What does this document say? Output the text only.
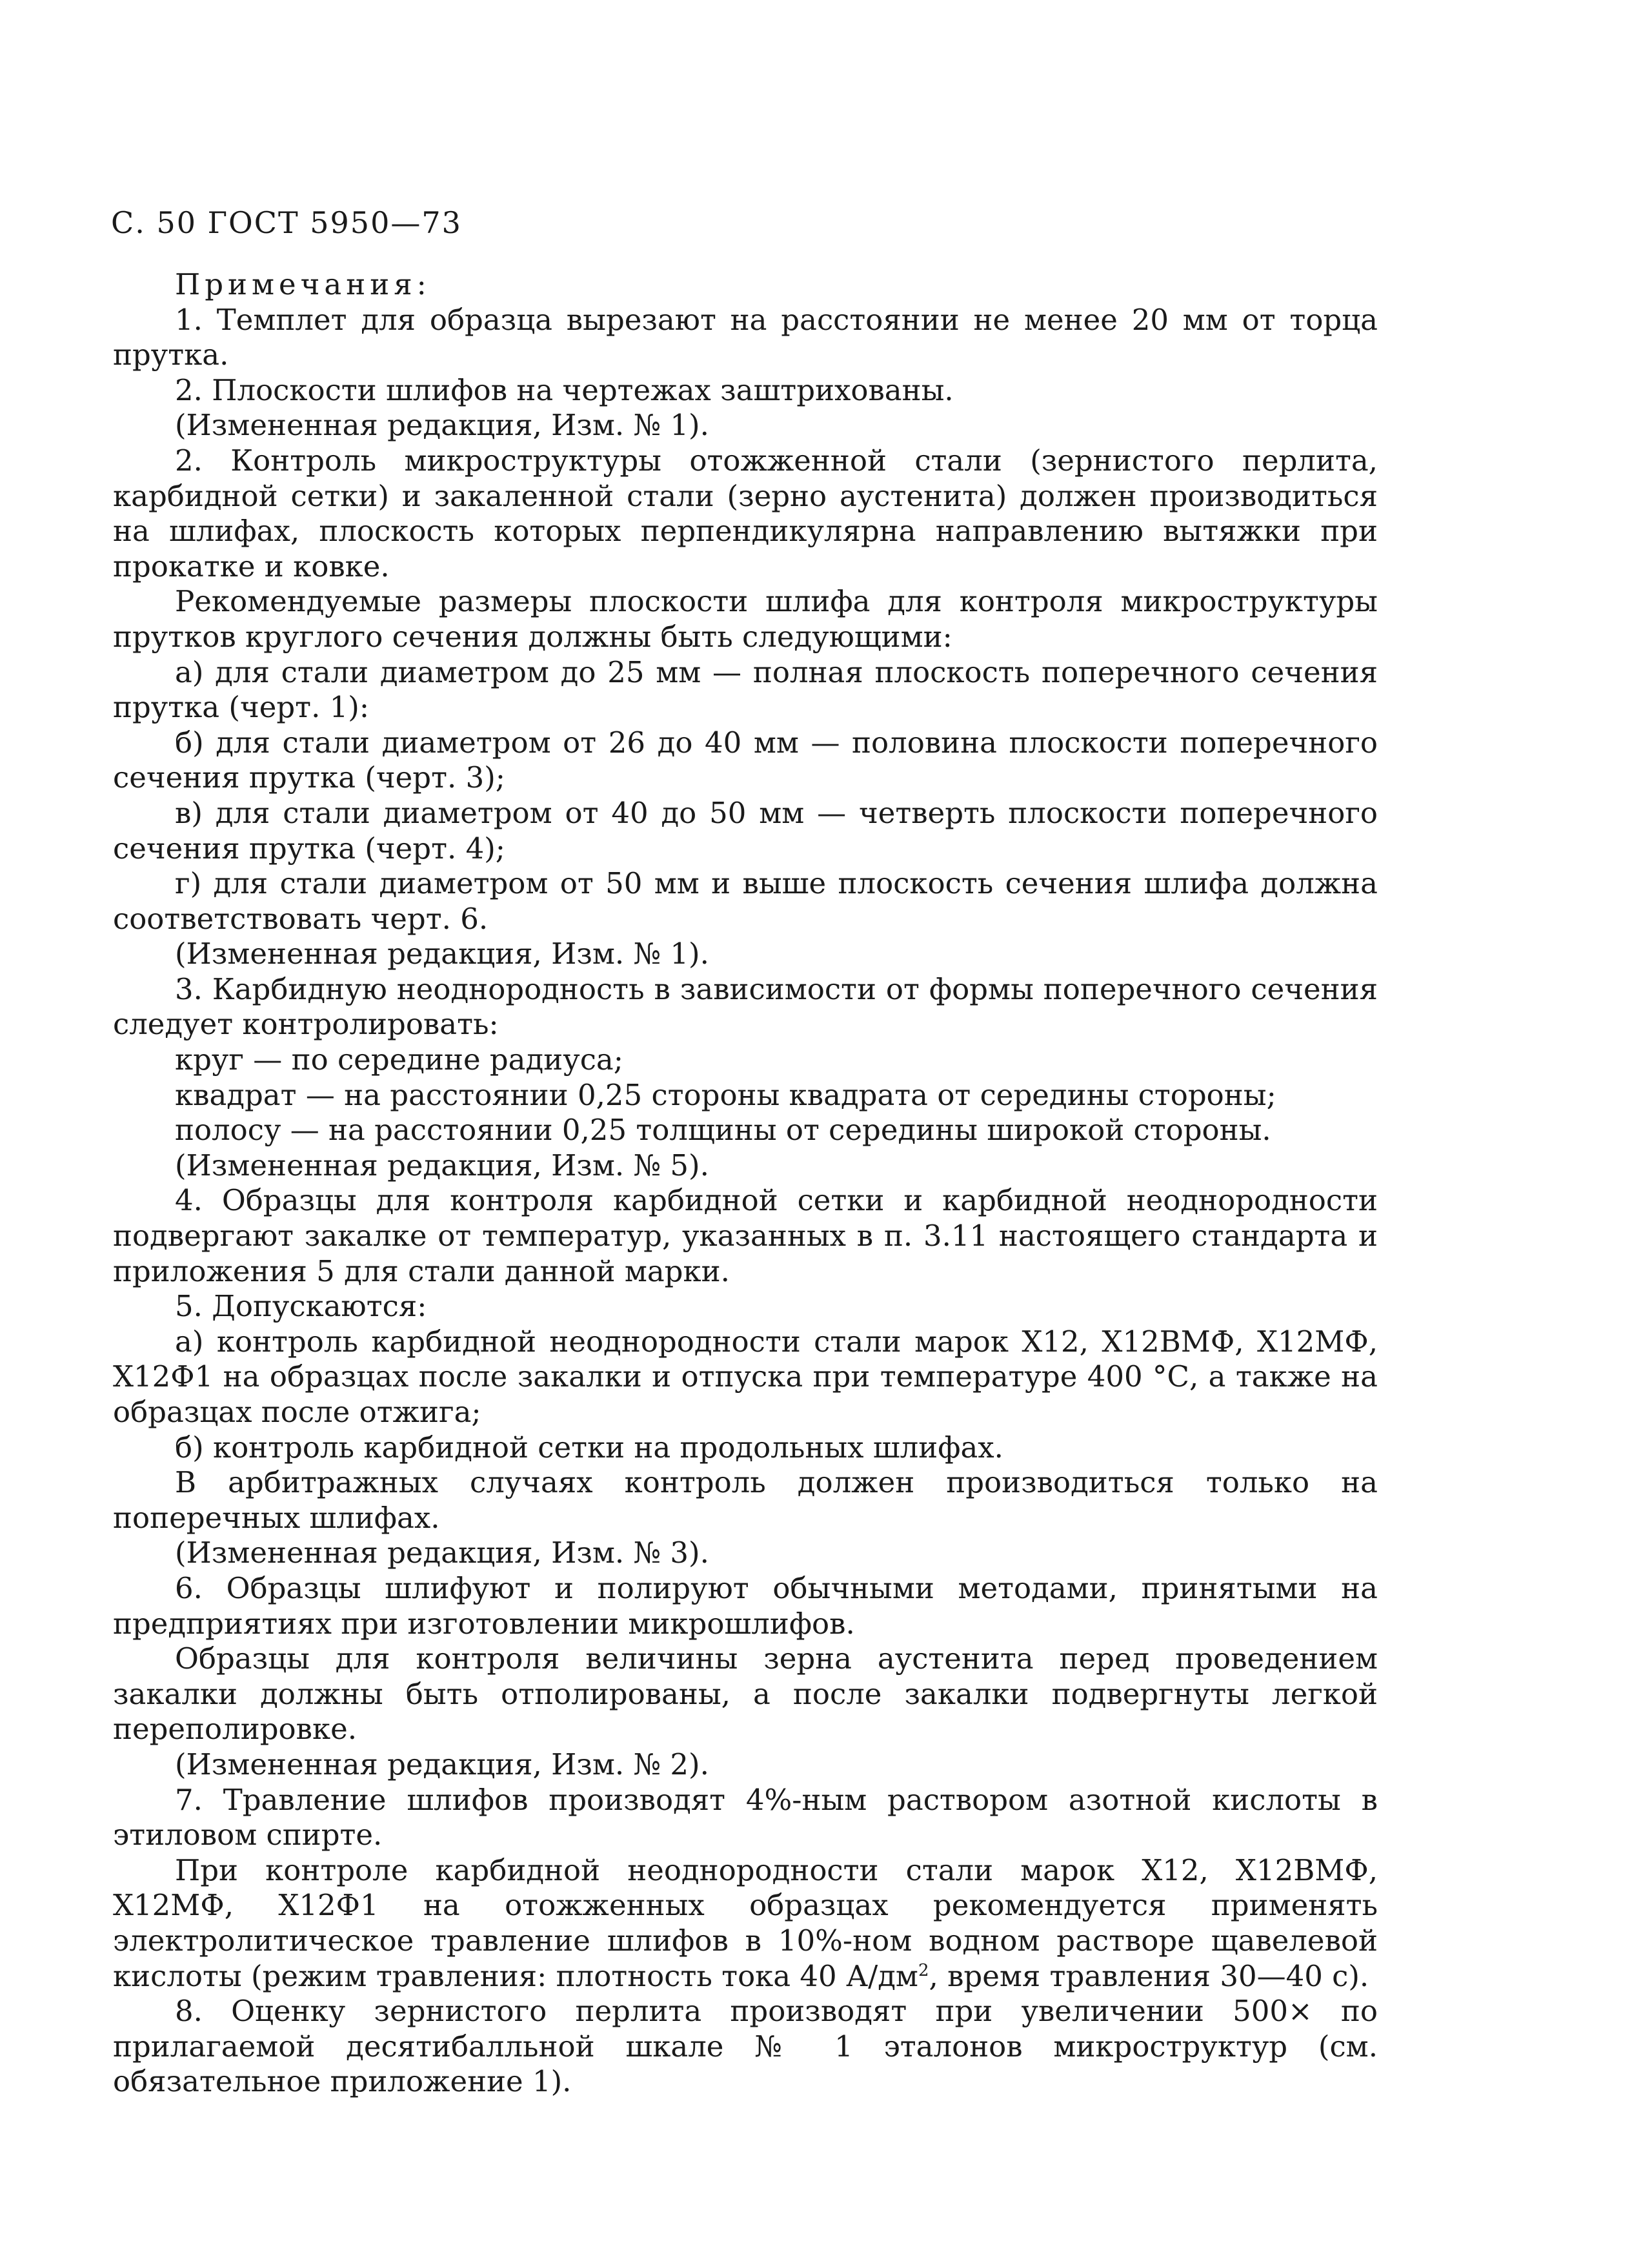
С. 50 ГОСТ 5950—73

Примечания:

1. Темплет для образца вырезают на расстоянии не менее 20 мм от торца прутка.

2. Плоскости шлифов на чертежах заштрихованы.

(Измененная редакция, Изм. № 1).

2. Контроль микроструктуры отожженной стали (зернистого перлита, карбидной сетки) и закаленной стали (зерно аустенита) должен производиться на шлифах, плоскость которых перпендикулярна направлению вытяжки при прокатке и ковке.

Рекомендуемые размеры плоскости шлифа для контроля микроструктуры прутков круглого сечения должны быть следующими:

а) для стали диаметром до 25 мм — полная плоскость поперечного сечения прутка (черт. 1):

б) для стали диаметром от 26 до 40 мм — половина плоскости поперечного сечения прутка (черт. 3);

в) для стали диаметром от 40 до 50 мм — четверть плоскости поперечного сечения прутка (черт. 4);

г) для стали диаметром от 50 мм и выше плоскость сечения шлифа должна соответствовать черт. 6.

(Измененная редакция, Изм. № 1).

3. Карбидную неоднородность в зависимости от формы поперечного сечения следует контролировать:

круг — по середине радиуса;

квадрат — на расстоянии 0,25 стороны квадрата от середины стороны;

полосу — на расстоянии 0,25 толщины от середины широкой стороны.

(Измененная редакция, Изм. № 5).

4. Образцы для контроля карбидной сетки и карбидной неоднородности подвергают закалке от температур, указанных в п. 3.11 настоящего стандарта и приложения 5 для стали данной марки.

5. Допускаются:

а) контроль карбидной неоднородности стали марок Х12, Х12ВМФ, Х12МФ, Х12Ф1 на образцах после закалки и отпуска при температуре 400 °С, а также на образцах после отжига;

б) контроль карбидной сетки на продольных шлифах.

В арбитражных случаях контроль должен производиться только на поперечных шлифах.

(Измененная редакция, Изм. № 3).

6. Образцы шлифуют и полируют обычными методами, принятыми на предприятиях при изготовлении микрошлифов.

Образцы для контроля величины зерна аустенита перед проведением закалки должны быть отполированы, а после закалки подвергнуты легкой переполировке.

(Измененная редакция, Изм. № 2).

7. Травление шлифов производят 4%-ным раствором азотной кислоты в этиловом спирте.

При контроле карбидной неоднородности стали марок Х12, Х12ВМФ, Х12МФ, Х12Ф1 на отожженных образцах рекомендуется применять электролитическое травление шлифов в 10%-ном водном растворе щавелевой кислоты (режим травления: плотность тока 40 $А/дм^2$, время травления 30—40 с).

8. Оценку зернистого перлита производят при увеличении 500× по прилагаемой десятибалльной шкале № 1 эталонов микроструктур (см. обязательное приложение 1).
